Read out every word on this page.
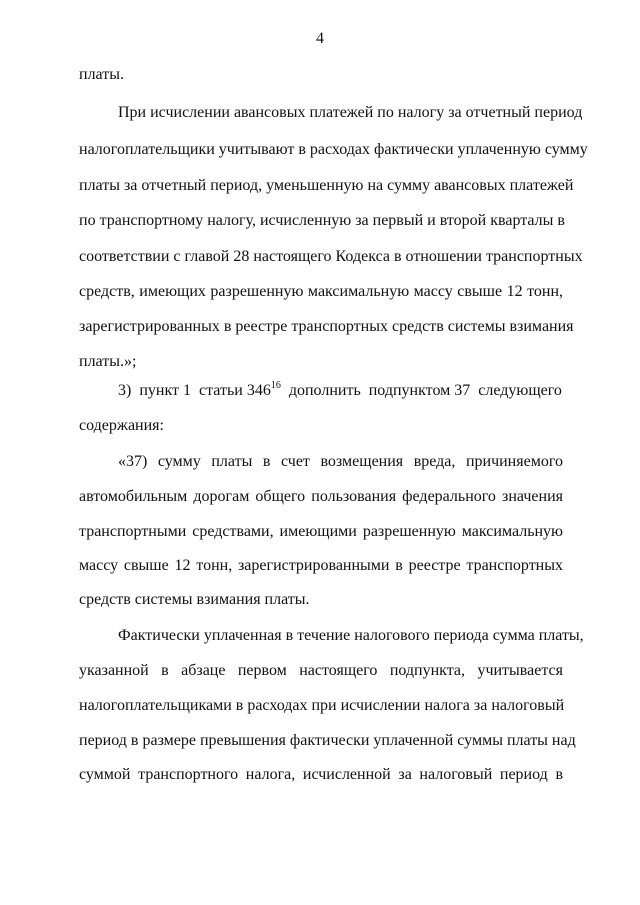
4
платы.
При исчислении авансовых платежей по налогу за отчетный период
налогоплательщики учитывают в расходах фактически уплаченную сумму
платы за отчетный период, уменьшенную на сумму авансовых платежей
по транспортному налогу, исчисленную за первый и второй кварталы в
соответствии с главой 28 настоящего Кодекса в отношении транспортных
средств, имеющих разрешенную максимальную массу свыше 12 тонн,
зарегистрированных в реестре транспортных средств системы взимания
платы.»;
3)  пункт 1  статьи $346^{16}$  дополнить  подпунктом 37  следующего
содержания:
«37) сумму платы в счет возмещения вреда, причиняемого
автомобильным дорогам общего пользования федерального значения
транспортными средствами, имеющими разрешенную максимальную
массу свыше 12 тонн, зарегистрированными в реестре транспортных
средств системы взимания платы.
Фактически уплаченная в течение налогового периода сумма платы,
указанной в абзаце первом настоящего подпункта, учитывается
налогоплательщиками в расходах при исчислении налога за налоговый
период в размере превышения фактически уплаченной суммы платы над
суммой транспортного налога, исчисленной за налоговый период в
